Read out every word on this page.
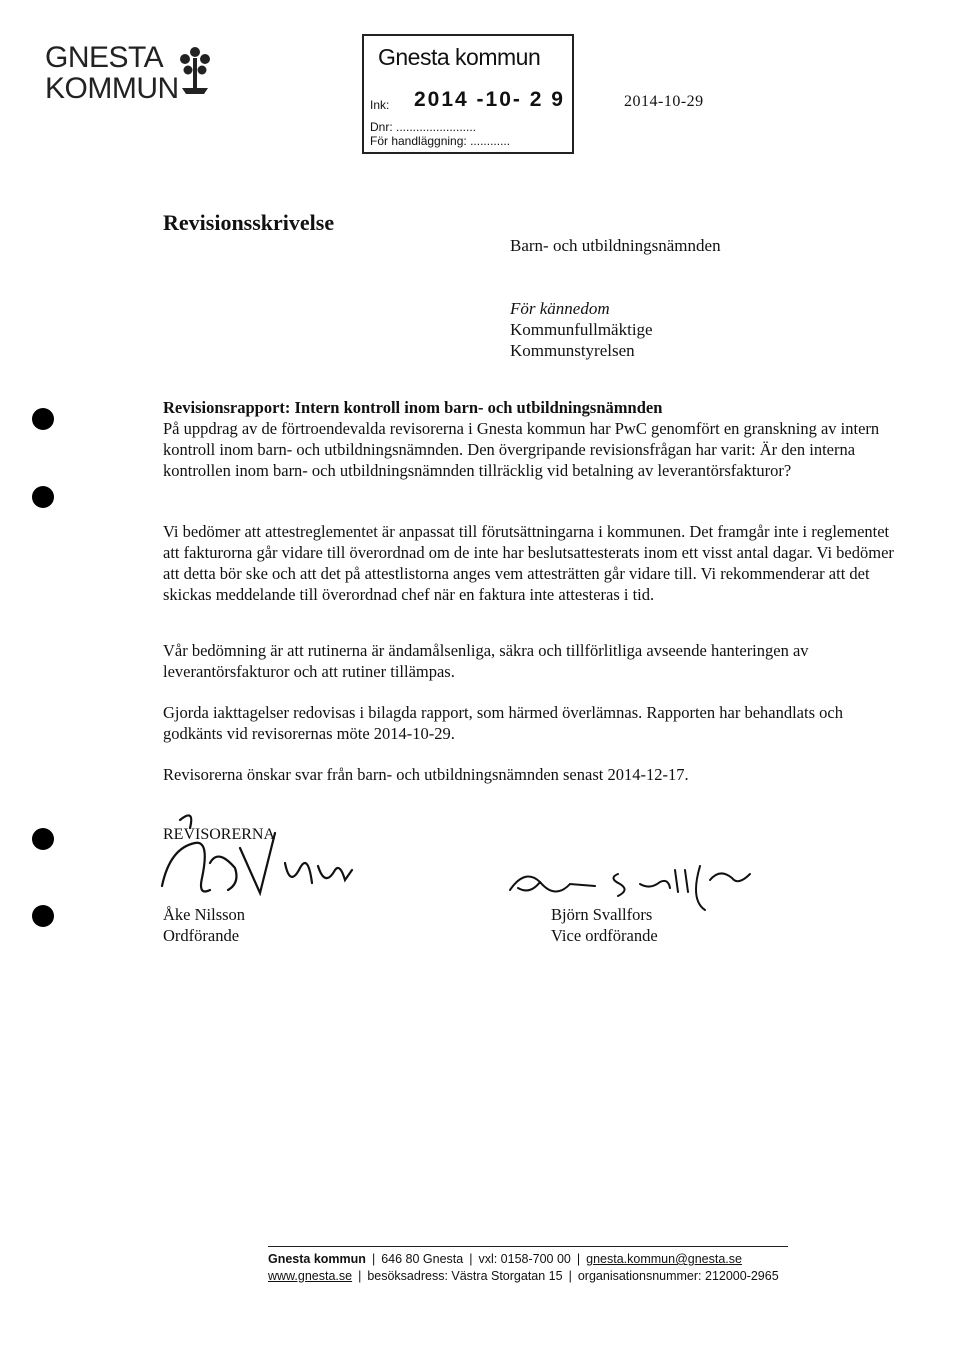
GNESTA
KOMMUN
Gnesta kommun
Ink: 2014 -10- 2 9
Dnr: ........................
För handläggning: ............
2014-10-29
Revisionsskrivelse
Barn- och utbildningsnämnden
För kännedom
Kommunfullmäktige
Kommunstyrelsen
Revisionsrapport: Intern kontroll inom barn- och utbildningsnämnden
På uppdrag av de förtroendevalda revisorerna i Gnesta kommun har PwC genomfört en granskning av intern kontroll inom barn- och utbildningsnämnden. Den övergripande revisionsfrågan har varit: Är den interna kontrollen inom barn- och utbildningsnämnden tillräcklig vid betalning av leverantörsfakturor?
Vi bedömer att attestreglementet är anpassat till förutsättningarna i kommunen. Det framgår inte i reglementet att fakturorna går vidare till överordnad om de inte har beslutsattesterats inom ett visst antal dagar. Vi bedömer att detta bör ske och att det på attestlistorna anges vem attesträtten går vidare till. Vi rekommenderar att det skickas meddelande till överordnad chef när en faktura inte attesteras i tid.
Vår bedömning är att rutinerna är ändamålsenliga, säkra och tillförlitliga avseende hanteringen av leverantörsfakturor och att rutiner tillämpas.
Gjorda iakttagelser redovisas i bilagda rapport, som härmed överlämnas. Rapporten har behandlats och godkänts vid revisorernas möte 2014-10-29.
Revisorerna önskar svar från barn- och utbildningsnämnden senast 2014-12-17.
REVISORERNA
Åke Nilsson
Ordförande
Björn Svallfors
Vice ordförande
Gnesta kommun | 646 80 Gnesta | vxl: 0158-700 00 | gnesta.kommun@gnesta.se
www.gnesta.se | besöksadress: Västra Storgatan 15 | organisationsnummer: 212000-2965
